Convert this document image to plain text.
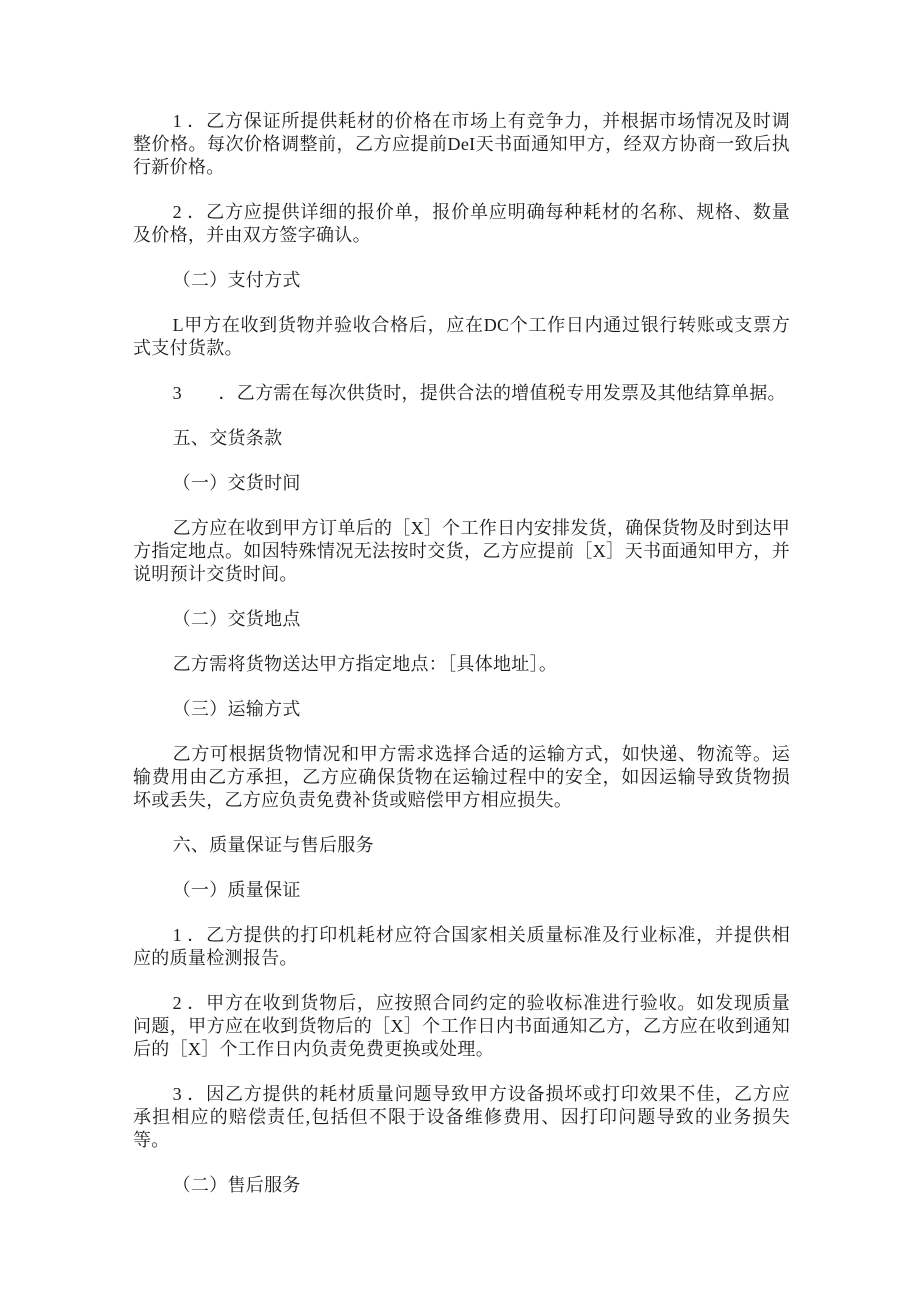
1 ．乙方保证所提供耗材的价格在市场上有竞争力，并根据市场情况及时调整价格。每次价格调整前，乙方应提前DeI天书面通知甲方，经双方协商一致后执行新价格。

2 ．乙方应提供详细的报价单，报价单应明确每种耗材的名称、规格、数量及价格，并由双方签字确认。

（二）支付方式

L甲方在收到货物并验收合格后，应在DC个工作日内通过银行转账或支票方式支付货款。

3　　．乙方需在每次供货时，提供合法的增值税专用发票及其他结算单据。

五、交货条款

（一）交货时间

乙方应在收到甲方订单后的［X］个工作日内安排发货，确保货物及时到达甲方指定地点。如因特殊情况无法按时交货，乙方应提前［X］天书面通知甲方，并说明预计交货时间。

（二）交货地点

乙方需将货物送达甲方指定地点：［具体地址］。

（三）运输方式

乙方可根据货物情况和甲方需求选择合适的运输方式，如快递、物流等。运输费用由乙方承担，乙方应确保货物在运输过程中的安全，如因运输导致货物损坏或丢失，乙方应负责免费补货或赔偿甲方相应损失。

六、质量保证与售后服务

（一）质量保证

1 ．乙方提供的打印机耗材应符合国家相关质量标准及行业标准，并提供相应的质量检测报告。

2 ．甲方在收到货物后，应按照合同约定的验收标准进行验收。如发现质量问题，甲方应在收到货物后的［X］个工作日内书面通知乙方，乙方应在收到通知后的［X］个工作日内负责免费更换或处理。

3 ．因乙方提供的耗材质量问题导致甲方设备损坏或打印效果不佳，乙方应承担相应的赔偿责任,包括但不限于设备维修费用、因打印问题导致的业务损失等。

（二）售后服务
